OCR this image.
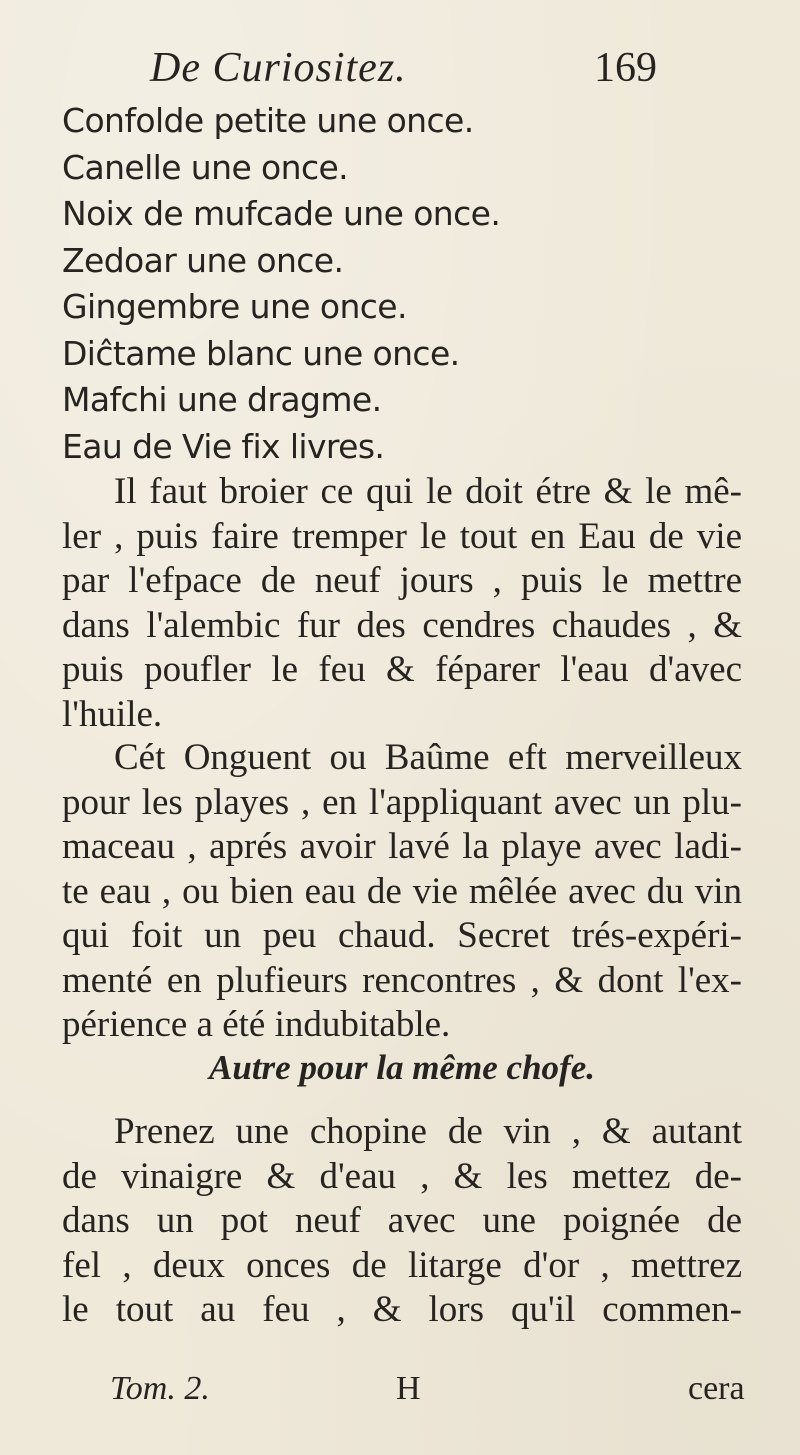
De Curiositez.	169
Confolde petite une once.
Canelle une once.
Noix de mufcade une once.
Zedoar une once.
Gingembre une once.
Diĉtame blanc une once.
Mafchi une dragme.
Eau de Vie fix livres.
Il faut broier ce qui le doit étre & le mê-
ler , puis faire tremper le tout en Eau de vie
par l'efpace de neuf jours , puis le mettre
dans l'alembic fur des cendres chaudes , &
puis poufler le feu & féparer l'eau d'avec
l'huile.
Cét Onguent ou Baûme eft merveilleux
pour les playes , en l'appliquant avec un plu-
maceau , aprés avoir lavé la playe avec ladi-
te eau , ou bien eau de vie mêlée avec du vin
qui foit un peu chaud. Secret trés-expéri-
menté en plufieurs rencontres , & dont l'ex-
périence a été indubitable.
Autre pour la même chofe.
Prenez une chopine de vin , & autant
de vinaigre & d'eau , & les mettez de-
dans un pot neuf avec une poignée de
fel , deux onces de litarge d'or , mettrez
le tout au feu , & lors qu'il commen-
Tom. 2.	H	cera
